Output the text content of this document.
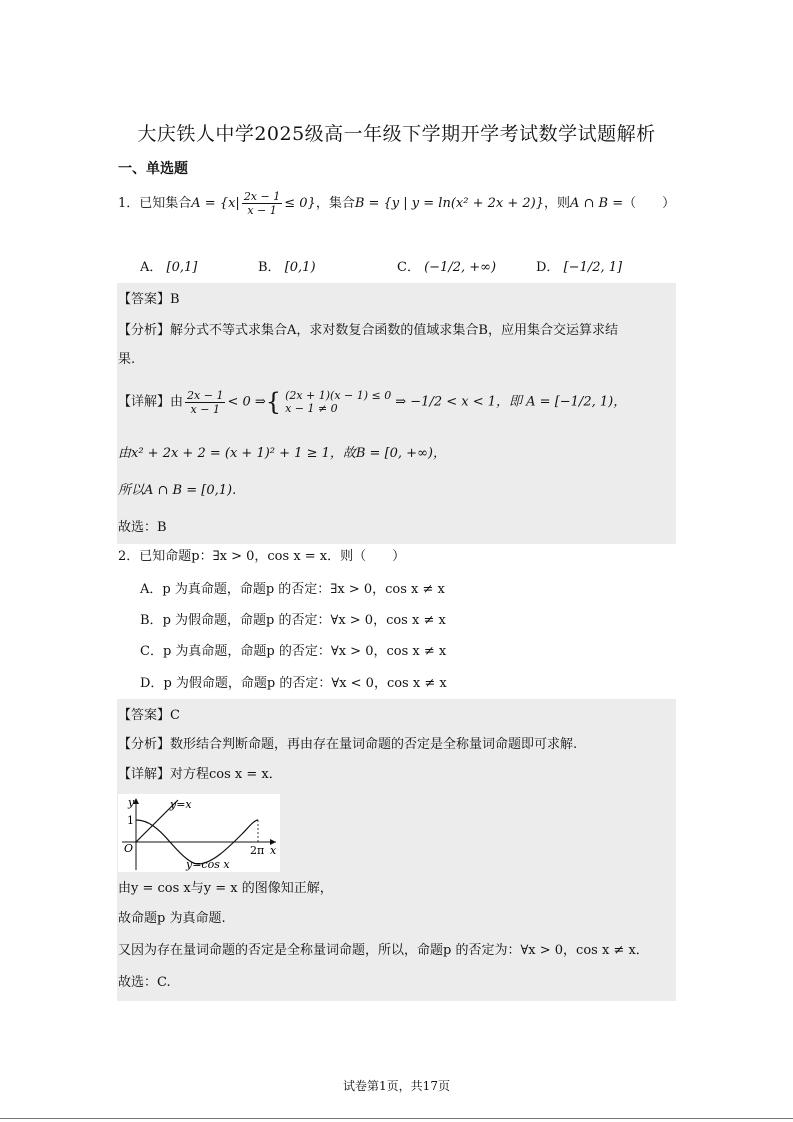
大庆铁人中学2025级高一年级下学期开学考试数学试题解析
一、单选题
1．已知集合$A = \{x| \frac{2x - 1}{x - 1} \le 0\}$，集合B = {y | y = ln(x² + 2x + 2)}，则A ∩ B =（　　）
A． [0,1]	B． [0,1)	C． (−1/2, +∞)	D． [−1/2, 1]
【答案】B
【分析】解分式不等式求集合A，求对数复合函数的值域求集合B，应用集合交运算求结
果.
【详解】由 $\frac{2x - 1}{x - 1} < 0$ ⇒{ (2x + 1)(x − 1) ≤ 0
x − 1 ≠ 0	⇒ −1/2 < x < 1，即 A = [−1/2, 1)，
由x² + 2x + 2 = (x + 1)² + 1 ≥ 1，故B = [0, +∞)，
所以A ∩ B = [0,1).
故选：B
2．已知命题p：∃x > 0，cos x = x．则（　　）
A．p 为真命题，命题p 的否定：∃x > 0，cos x ≠ x
B．p 为假命题，命题p 的否定：∀x > 0，cos x ≠ x
C．p 为真命题，命题p 的否定：∀x > 0，cos x ≠ x
D．p 为假命题，命题p 的否定：∀x < 0，cos x ≠ x
【答案】C
【分析】数形结合判断命题，再由存在量词命题的否定是全称量词命题即可求解.
【详解】对方程cos x = x．
y
x
O
1
2π
y=x
y=cos x
由y = cos x与y = x 的图像知正解，
故命题p 为真命题.
又因为存在量词命题的否定是全称量词命题，所以，命题p 的否定为：∀x > 0，cos x ≠ x．
故选：C.
试卷第1页，共17页
